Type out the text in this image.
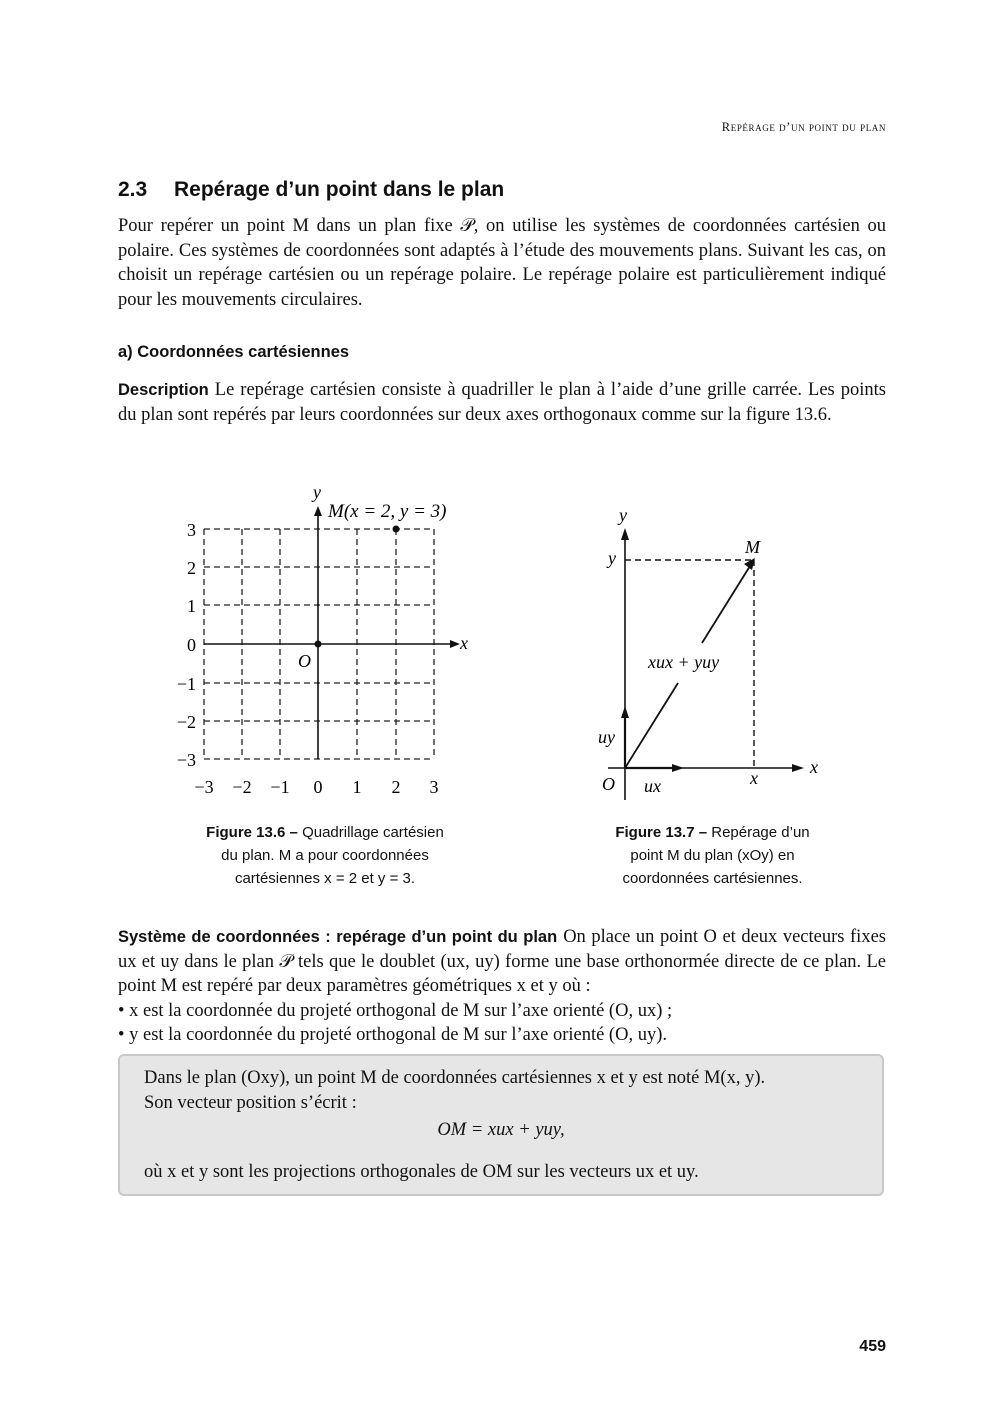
Repérage d’un point du plan
2.3 Repérage d’un point dans le plan
Pour repérer un point M dans un plan fixe 𝒫, on utilise les systèmes de coordonnées cartésien ou polaire. Ces systèmes de coordonnées sont adaptés à l’étude des mouvements plans. Suivant les cas, on choisit un repérage cartésien ou un repérage polaire. Le repérage polaire est particulièrement indiqué pour les mouvements circulaires.
a) Coordonnées cartésiennes
Description Le repérage cartésien consiste à quadriller le plan à l’aide d’une grille carrée. Les points du plan sont repérés par leurs coordonnées sur deux axes orthogonaux comme sur la figure 13.6.
y
x
O
M(x = 2, y = 3)
3
2
1
0
−1
−2
−3
−3 −2 −1 0 1 2 3
Figure 13.6 – Quadrillage cartésien
du plan. M a pour coordonnées
cartésiennes x = 2 et y = 3.
y
y
M
xux + yuy
uy
O ux	x
x
Figure 13.7 – Repérage d’un
point M du plan (xOy) en
coordonnées cartésiennes.
Système de coordonnées : repérage d’un point du plan On place un point O et deux vecteurs fixes ux et uy dans le plan 𝒫 tels que le doublet (ux, uy) forme une base orthonormée directe de ce plan. Le point M est repéré par deux paramètres géométriques x et y où :
• x est la coordonnée du projeté orthogonal de M sur l’axe orienté (O, ux) ;
• y est la coordonnée du projeté orthogonal de M sur l’axe orienté (O, uy).
Dans le plan (Oxy), un point M de coordonnées cartésiennes x et y est noté M(x, y).
Son vecteur position s’écrit :
OM = xux + yuy,
où x et y sont les projections orthogonales de OM sur les vecteurs ux et uy.
459
